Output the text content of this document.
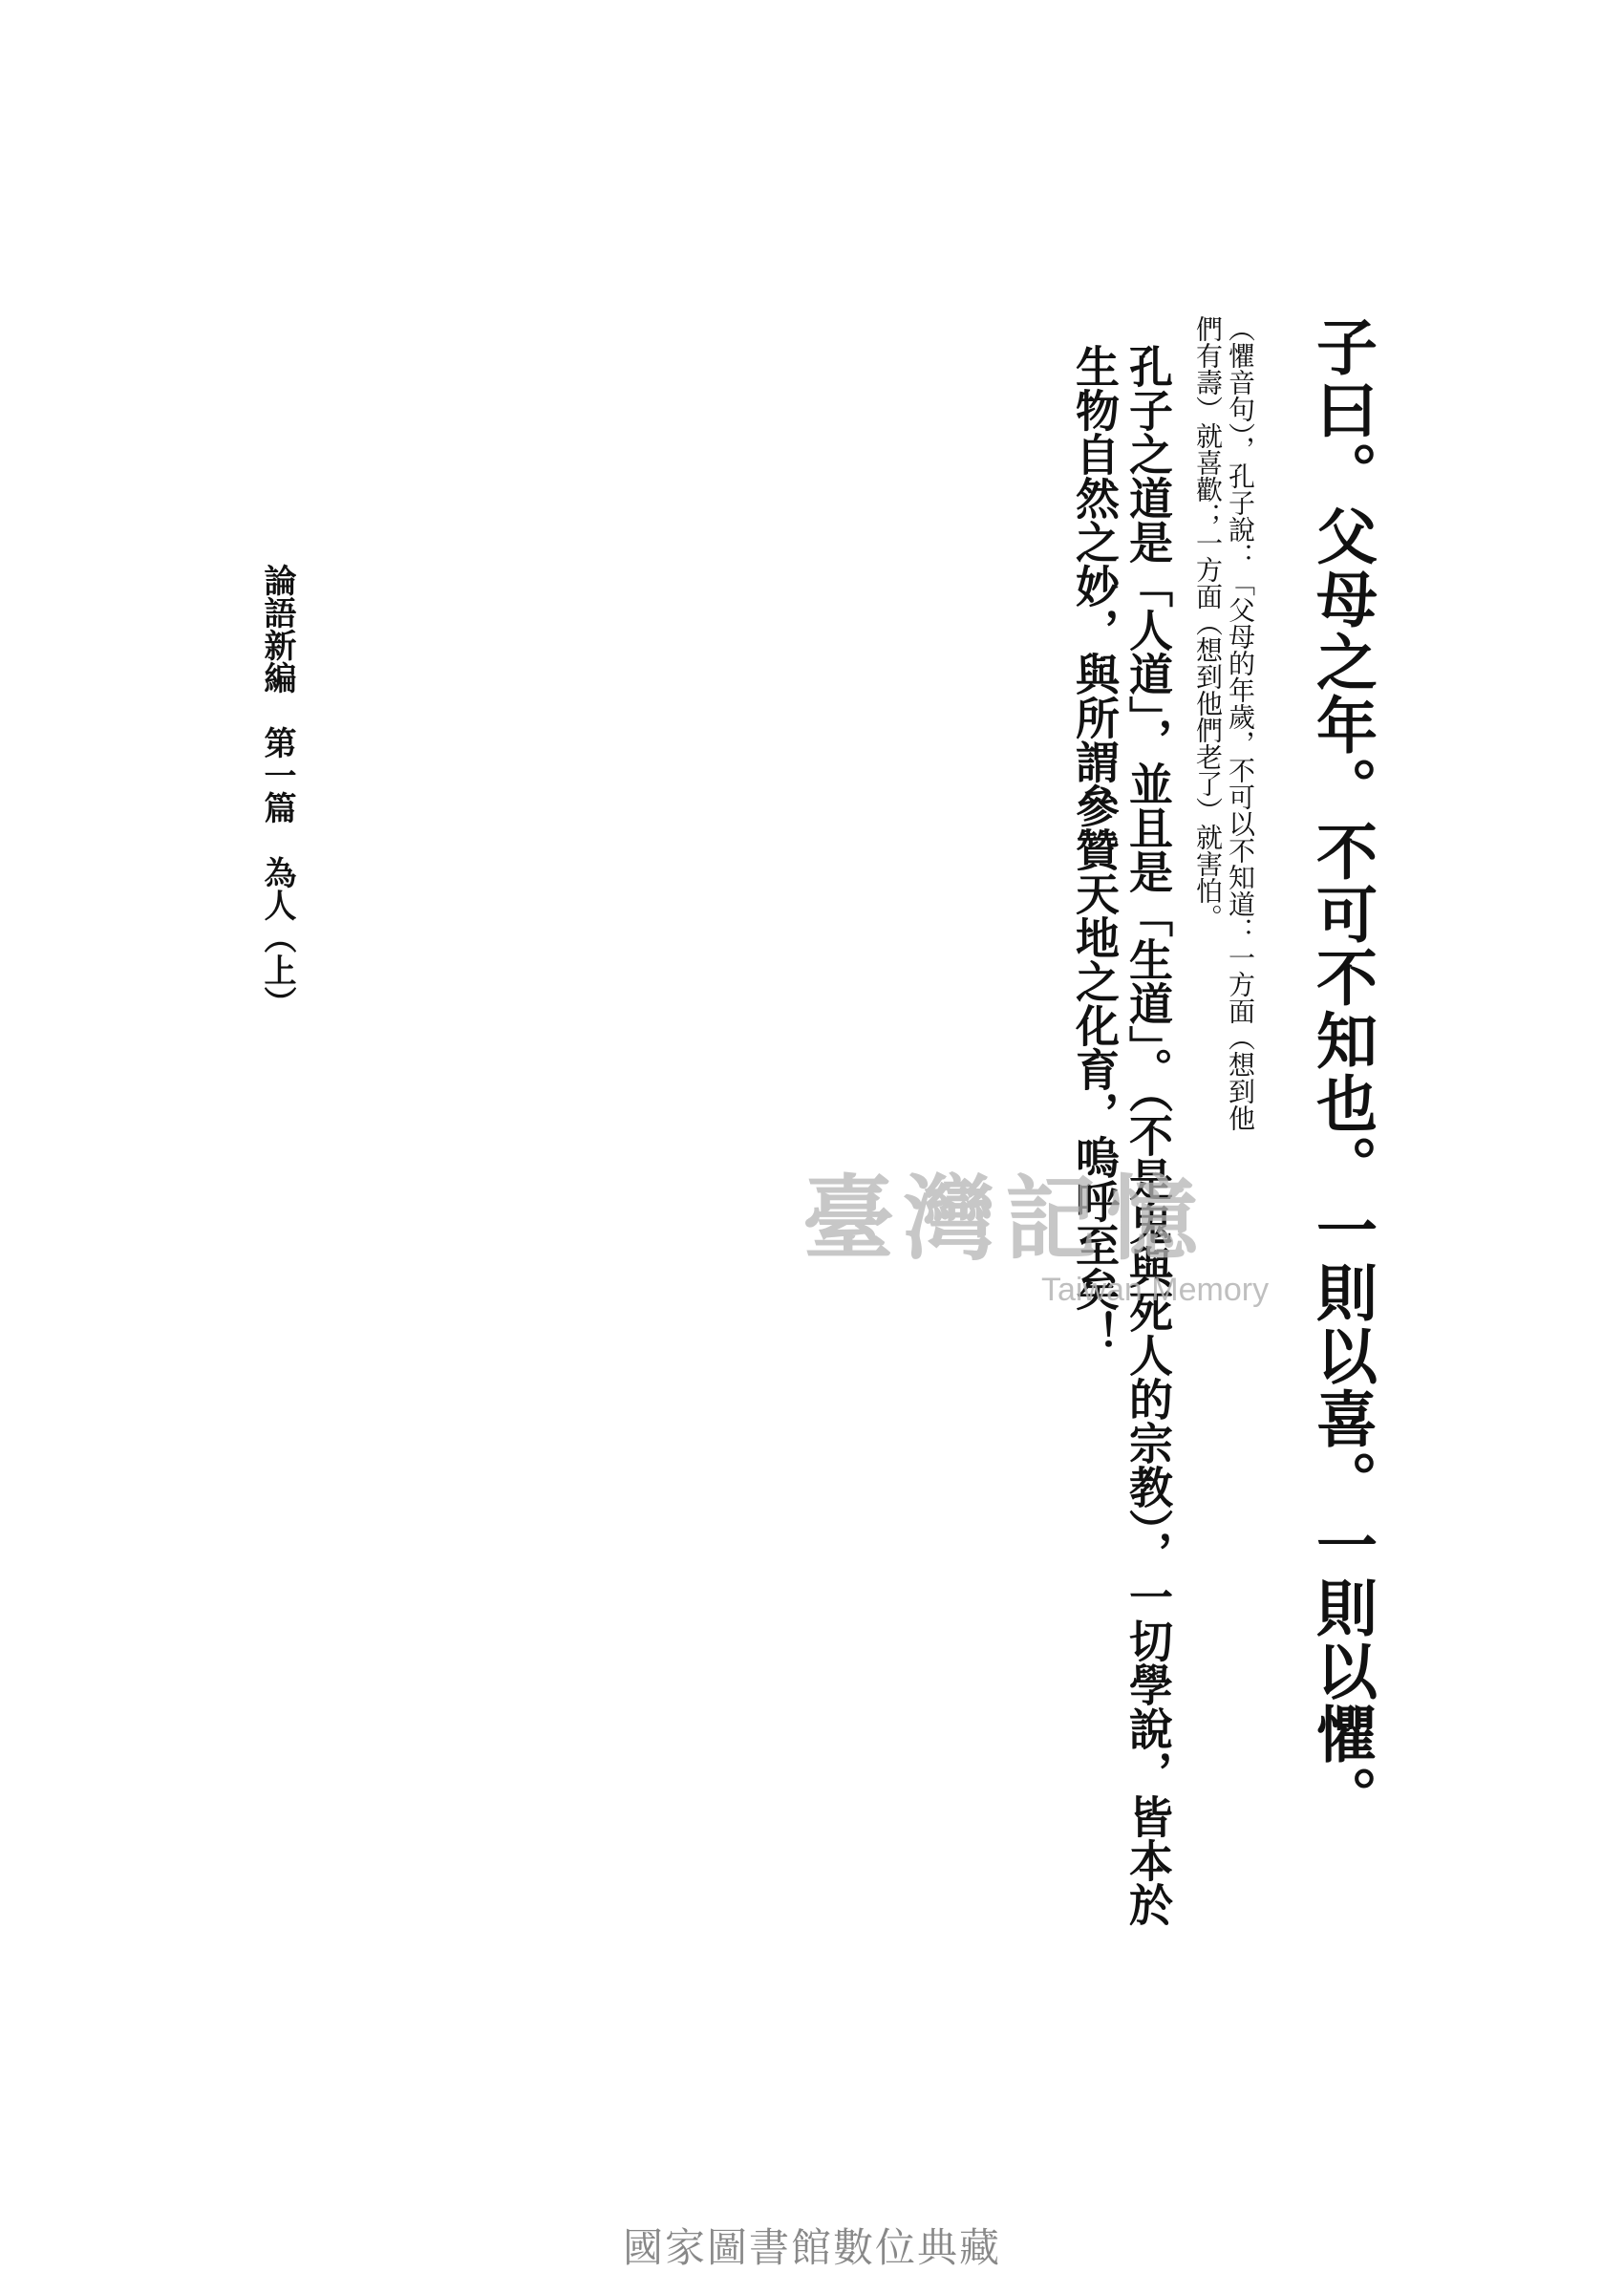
子曰。父母之年。不可不知也。一則以喜。一則以懼。
（懼音句），孔子說：「父母的年歲，不可以不知道：一方面（想到他
們有壽）就喜歡；一方面（想到他們老了）就害怕。
孔子之道是「人道」，並且是「生道」。（不是鬼與死人的宗教），一切學說，皆本於
生物自然之妙，與所謂參贊天地之化育，嗚呼至矣！
論語新編　第一篇　為人（上）
臺灣記憶
Taiwan Memory
國家圖書館數位典藏
